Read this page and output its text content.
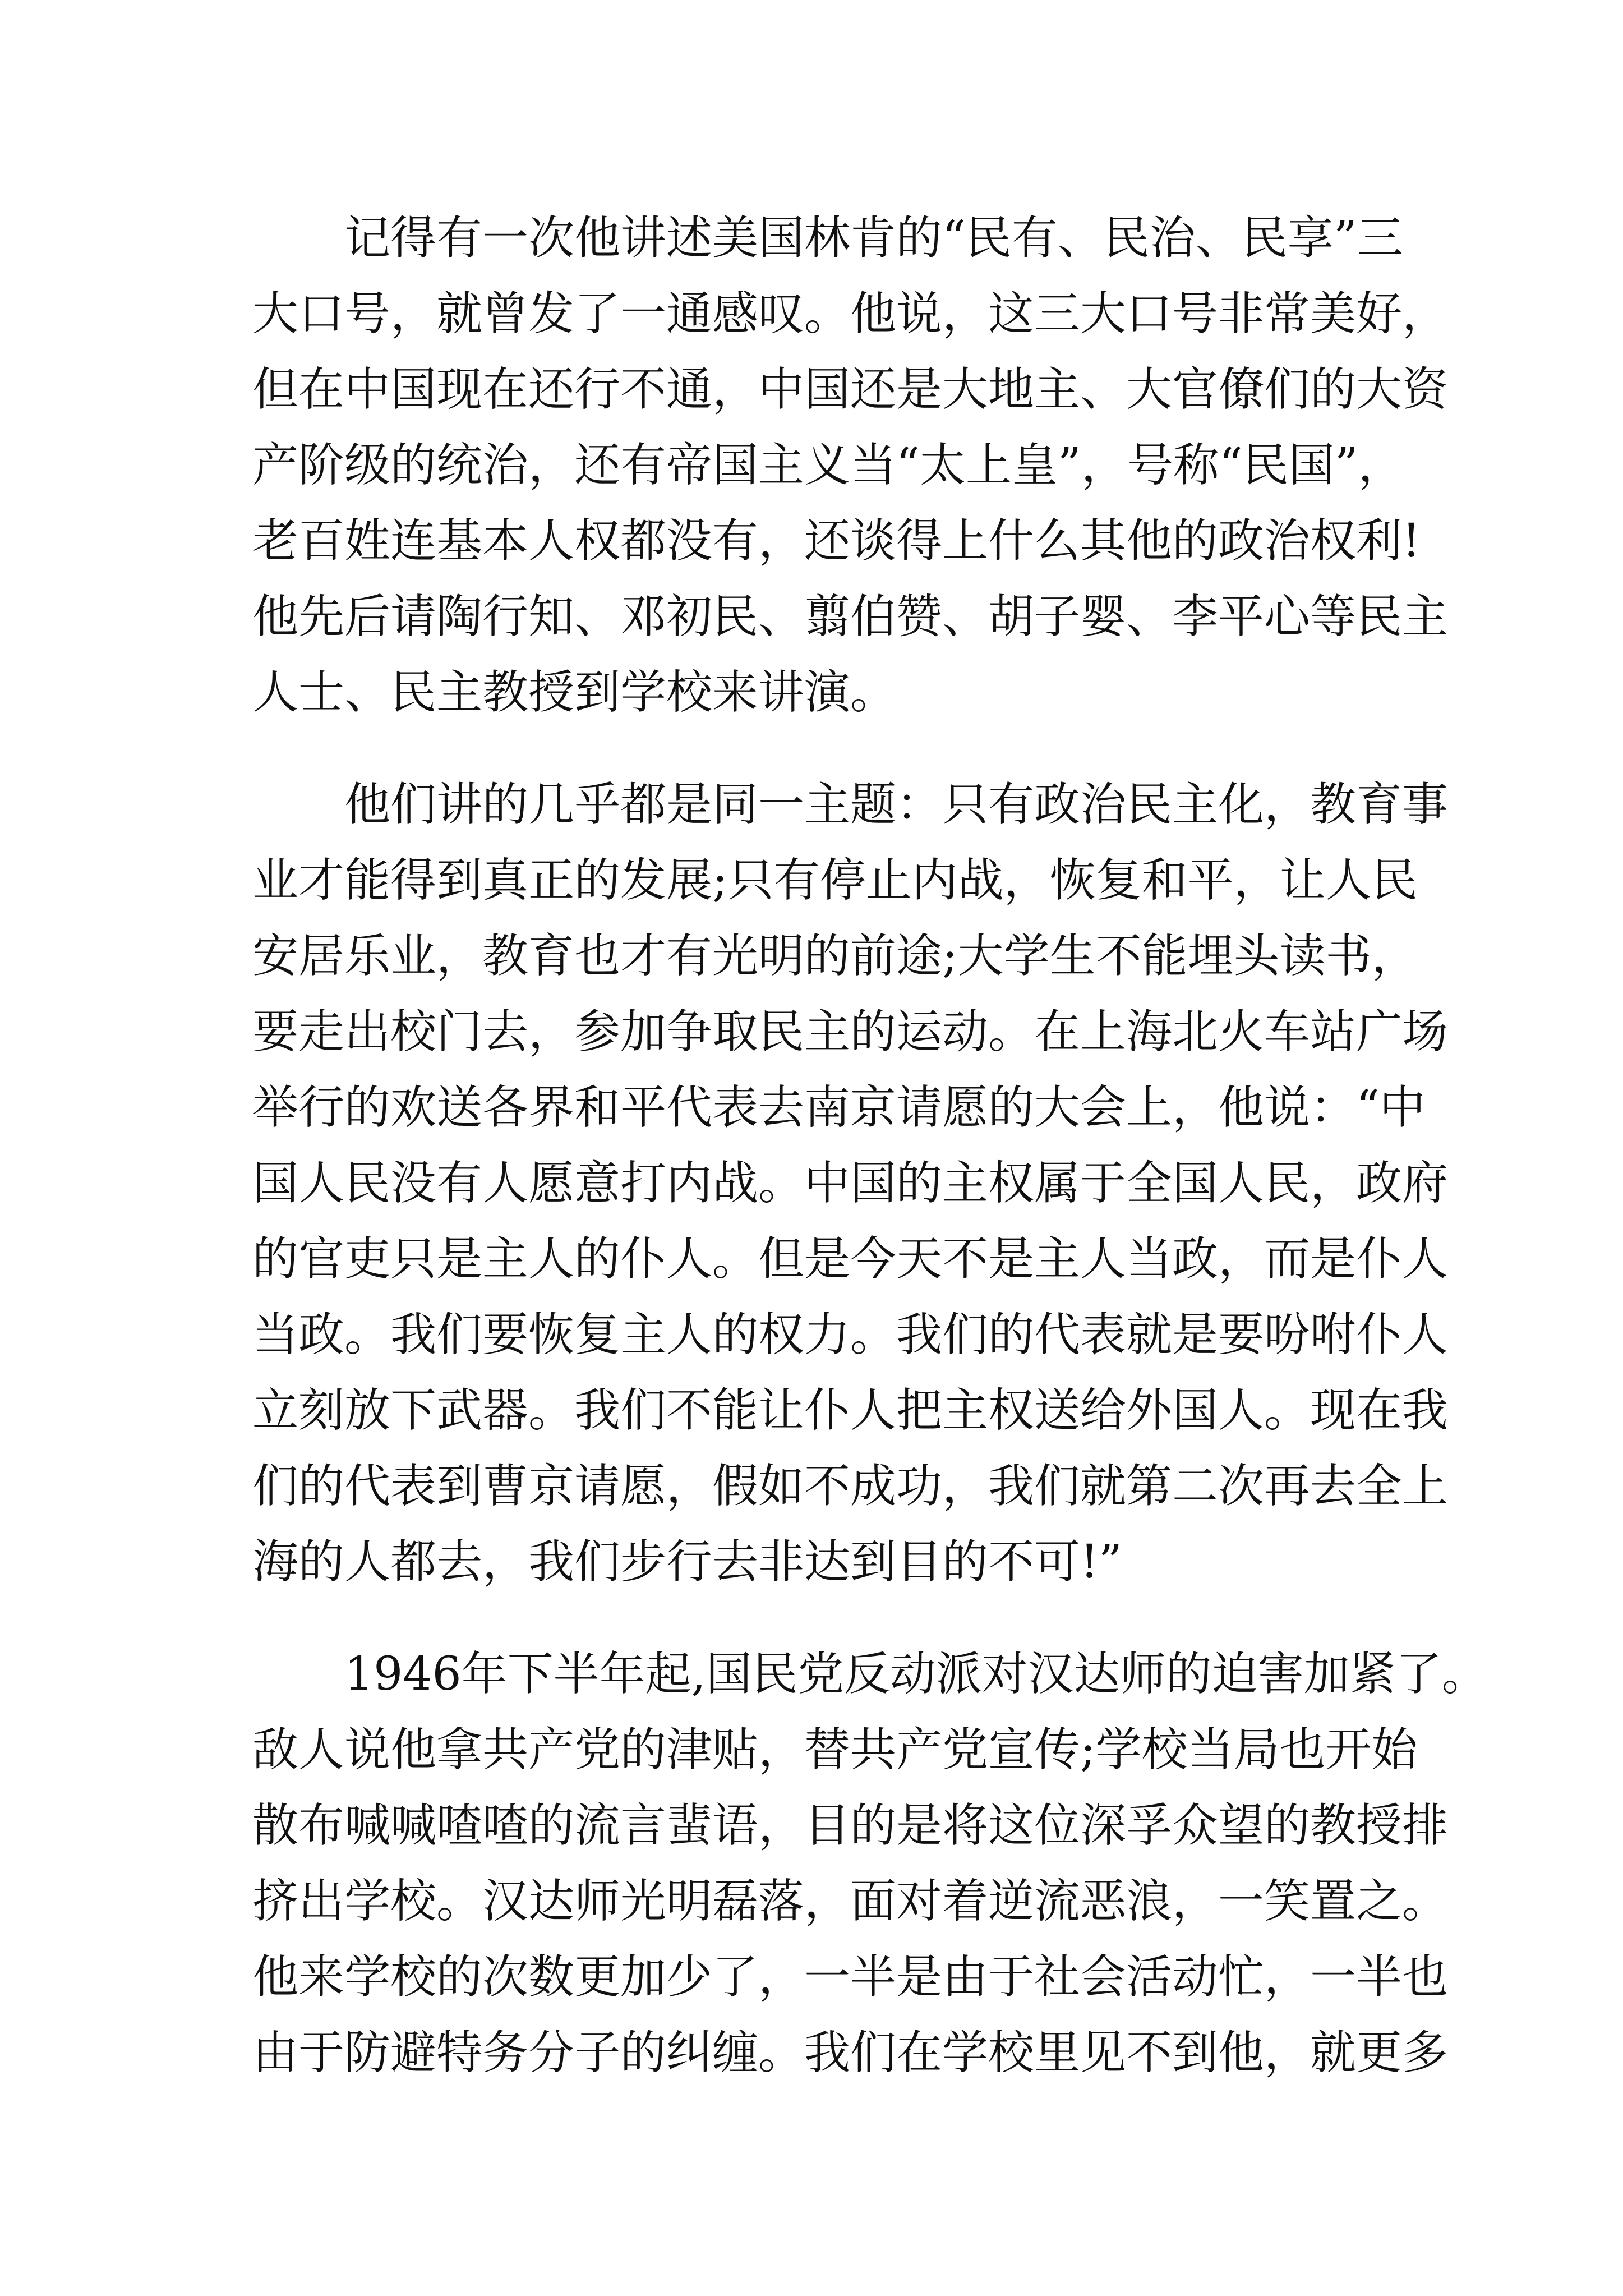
记得有一次他讲述美国林肯的“民有、民治、民享”三
大口号，就曾发了一通感叹。他说，这三大口号非常美好，
但在中国现在还行不通，中国还是大地主、大官僚们的大资
产阶级的统治，还有帝国主义当“太上皇”，号称“民国”，
老百姓连基本人权都没有，还谈得上什么其他的政治权利!
他先后请陶行知、邓初民、翦伯赞、胡子婴、李平心等民主
人士、民主教授到学校来讲演。
他们讲的几乎都是同一主题：只有政治民主化，教育事
业才能得到真正的发展;只有停止内战，恢复和平，让人民
安居乐业，教育也才有光明的前途;大学生不能埋头读书，
要走出校门去，参加争取民主的运动。在上海北火车站广场
举行的欢送各界和平代表去南京请愿的大会上，他说：“中
国人民没有人愿意打内战。中国的主权属于全国人民，政府
的官吏只是主人的仆人。但是今天不是主人当政，而是仆人
当政。我们要恢复主人的权力。我们的代表就是要吩咐仆人
立刻放下武器。我们不能让仆人把主权送给外国人。现在我
们的代表到曹京请愿，假如不成功，我们就第二次再去全上
海的人都去，我们步行去非达到目的不可!”
1946年下半年起,国民党反动派对汉达师的迫害加紧了。
敌人说他拿共产党的津贴，替共产党宣传;学校当局也开始
散布喊喊喳喳的流言蜚语，目的是将这位深孚众望的教授排
挤出学校。汉达师光明磊落，面对着逆流恶浪，一笑置之。
他来学校的次数更加少了，一半是由于社会活动忙，一半也
由于防避特务分子的纠缠。我们在学校里见不到他，就更多
